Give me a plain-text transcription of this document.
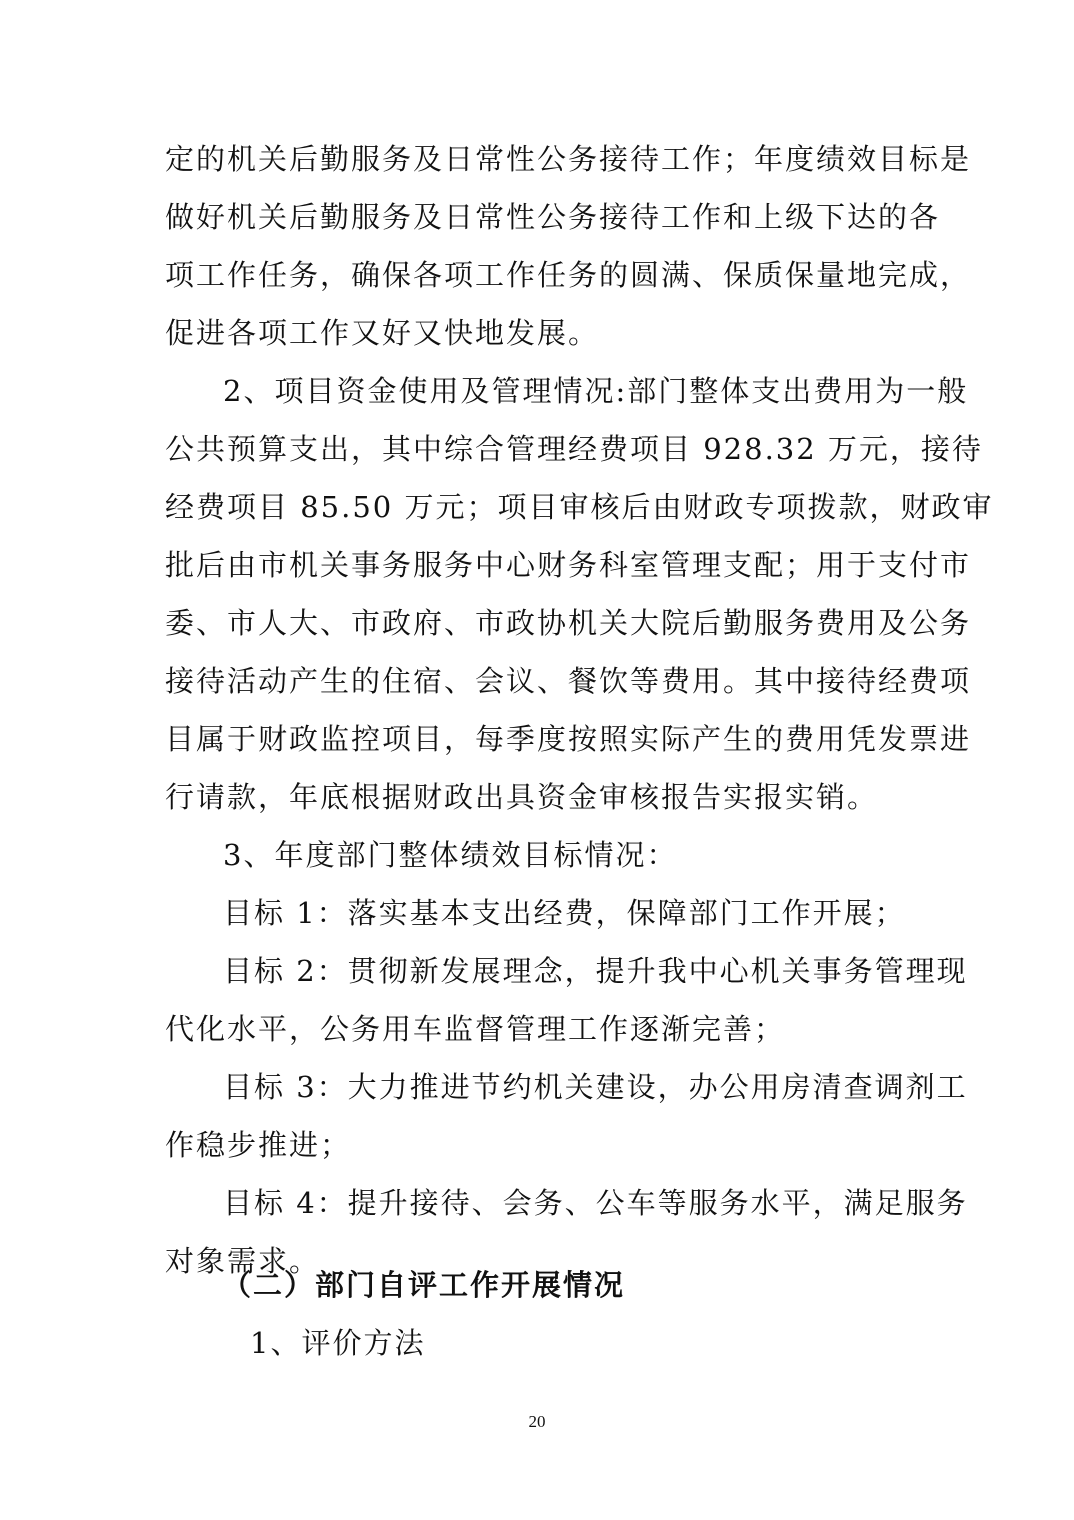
定的机关后勤服务及日常性公务接待工作；年度绩效目标是
做好机关后勤服务及日常性公务接待工作和上级下达的各
项工作任务，确保各项工作任务的圆满、保质保量地完成，
促进各项工作又好又快地发展。
2、项目资金使用及管理情况:部门整体支出费用为一般
公共预算支出，其中综合管理经费项目 928.32 万元，接待
经费项目 85.50 万元；项目审核后由财政专项拨款，财政审
批后由市机关事务服务中心财务科室管理支配；用于支付市
委、市人大、市政府、市政协机关大院后勤服务费用及公务
接待活动产生的住宿、会议、餐饮等费用。其中接待经费项
目属于财政监控项目，每季度按照实际产生的费用凭发票进
行请款，年底根据财政出具资金审核报告实报实销。
3、年度部门整体绩效目标情况：
目标 1：落实基本支出经费，保障部门工作开展；
目标 2：贯彻新发展理念，提升我中心机关事务管理现
代化水平，公务用车监督管理工作逐渐完善；
目标 3：大力推进节约机关建设，办公用房清查调剂工
作稳步推进；
目标 4：提升接待、会务、公车等服务水平，满足服务
对象需求。
（二）部门自评工作开展情况
1、评价方法
20
